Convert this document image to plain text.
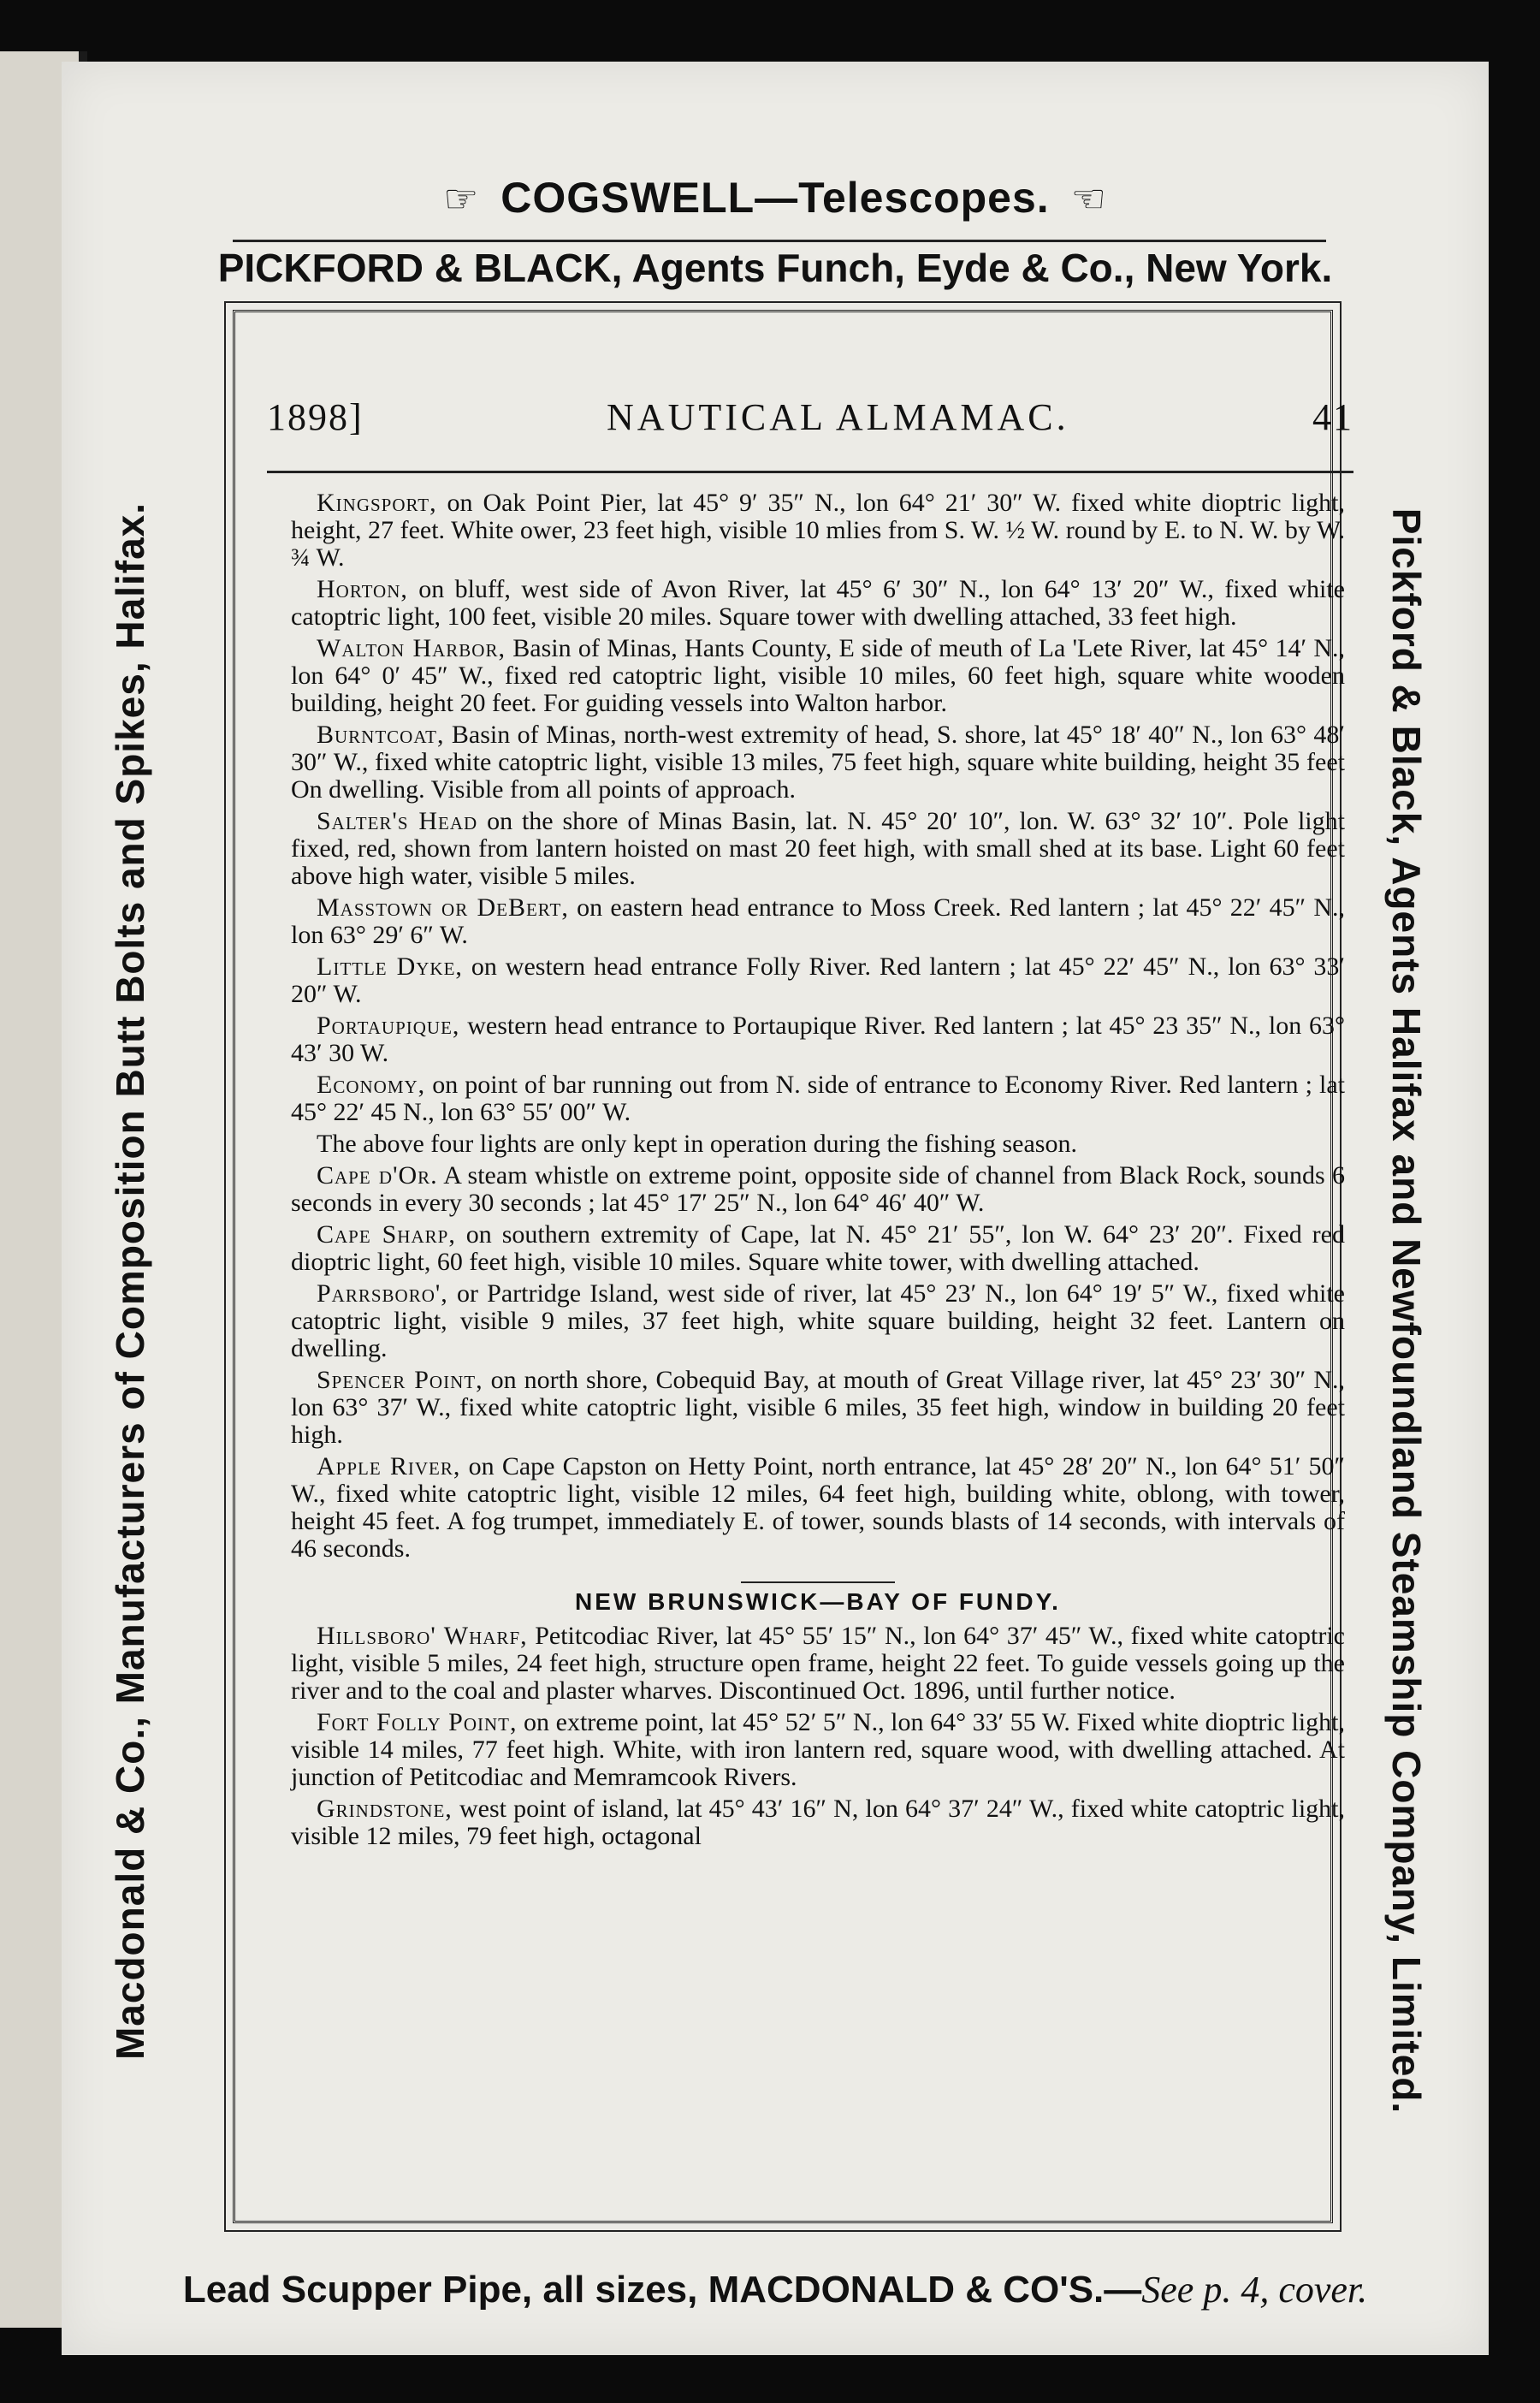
☞ COGSWELL—Telescopes. ☜
PICKFORD & BLACK, Agents Funch, Eyde & Co., New York.
Macdonald & Co., Manufacturers of Composition Butt Bolts and Spikes, Halifax.	Pickford & Black, Agents Halifax and Newfoundland Steamship Company, Limited.
1898]	NAUTICAL ALMAMAC.	41

Kingsport, on Oak Point Pier, lat 45° 9′ 35″ N., lon 64° 21′ 30″ W. fixed white dioptric light, height, 27 feet. White ower, 23 feet high, visible 10 mlies from S. W. ½ W. round by E. to N. W. by W. ¾ W.

Horton, on bluff, west side of Avon River, lat 45° 6′ 30″ N., lon 64° 13′ 20″ W., fixed white catoptric light, 100 feet, visible 20 miles. Square tower with dwelling attached, 33 feet high.

Walton Harbor, Basin of Minas, Hants County, E side of meuth of La 'Lete River, lat 45° 14′ N., lon 64° 0′ 45″ W., fixed red catoptric light, visible 10 miles, 60 feet high, square white wooden building, height 20 feet. For guiding vessels into Walton harbor.

Burntcoat, Basin of Minas, north-west extremity of head, S. shore, lat 45° 18′ 40″ N., lon 63° 48′ 30″ W., fixed white catoptric light, visible 13 miles, 75 feet high, square white building, height 35 feet On dwelling. Visible from all points of approach.

Salter's Head on the shore of Minas Basin, lat. N. 45° 20′ 10″, lon. W. 63° 32′ 10″. Pole light fixed, red, shown from lantern hoisted on mast 20 feet high, with small shed at its base. Light 60 feet above high water, visible 5 miles.

Masstown or DeBert, on eastern head entrance to Moss Creek. Red lantern ; lat 45° 22′ 45″ N., lon 63° 29′ 6″ W.

Little Dyke, on western head entrance Folly River. Red lantern ; lat 45° 22′ 45″ N., lon 63° 33′ 20″ W.

Portaupique, western head entrance to Portaupique River. Red lantern ; lat 45° 23 35″ N., lon 63° 43′ 30 W.

Economy, on point of bar running out from N. side of entrance to Economy River. Red lantern ; lat 45° 22′ 45 N., lon 63° 55′ 00″ W.

The above four lights are only kept in operation during the fishing season.

Cape d'Or. A steam whistle on extreme point, opposite side of channel from Black Rock, sounds 6 seconds in every 30 seconds ; lat 45° 17′ 25″ N., lon 64° 46′ 40″ W.

Cape Sharp, on southern extremity of Cape, lat N. 45° 21′ 55″, lon W. 64° 23′ 20″. Fixed red dioptric light, 60 feet high, visible 10 miles. Square white tower, with dwelling attached.

Parrsboro', or Partridge Island, west side of river, lat 45° 23′ N., lon 64° 19′ 5″ W., fixed white catoptric light, visible 9 miles, 37 feet high, white square building, height 32 feet. Lantern on dwelling.

Spencer Point, on north shore, Cobequid Bay, at mouth of Great Village river, lat 45° 23′ 30″ N., lon 63° 37′ W., fixed white catoptric light, visible 6 miles, 35 feet high, window in building 20 feet high.

Apple River, on Cape Capston on Hetty Point, north entrance, lat 45° 28′ 20″ N., lon 64° 51′ 50″ W., fixed white catoptric light, visible 12 miles, 64 feet high, building white, oblong, with tower, height 45 feet. A fog trumpet, immediately E. of tower, sounds blasts of 14 seconds, with intervals of 46 seconds.

NEW BRUNSWICK—BAY OF FUNDY.

Hillsboro' Wharf, Petitcodiac River, lat 45° 55′ 15″ N., lon 64° 37′ 45″ W., fixed white catoptric light, visible 5 miles, 24 feet high, structure open frame, height 22 feet. To guide vessels going up the river and to the coal and plaster wharves. Discontinued Oct. 1896, until further notice.

Fort Folly Point, on extreme point, lat 45° 52′ 5″ N., lon 64° 33′ 55 W. Fixed white dioptric light, visible 14 miles, 77 feet high. White, with iron lantern red, square wood, with dwelling attached. At junction of Petitcodiac and Memramcook Rivers.

Grindstone, west point of island, lat 45° 43′ 16″ N, lon 64° 37′ 24″ W., fixed white catoptric light, visible 12 miles, 79 feet high, octagonal

Lead Scupper Pipe, all sizes, MACDONALD & CO'S.—See p. 4, cover.
